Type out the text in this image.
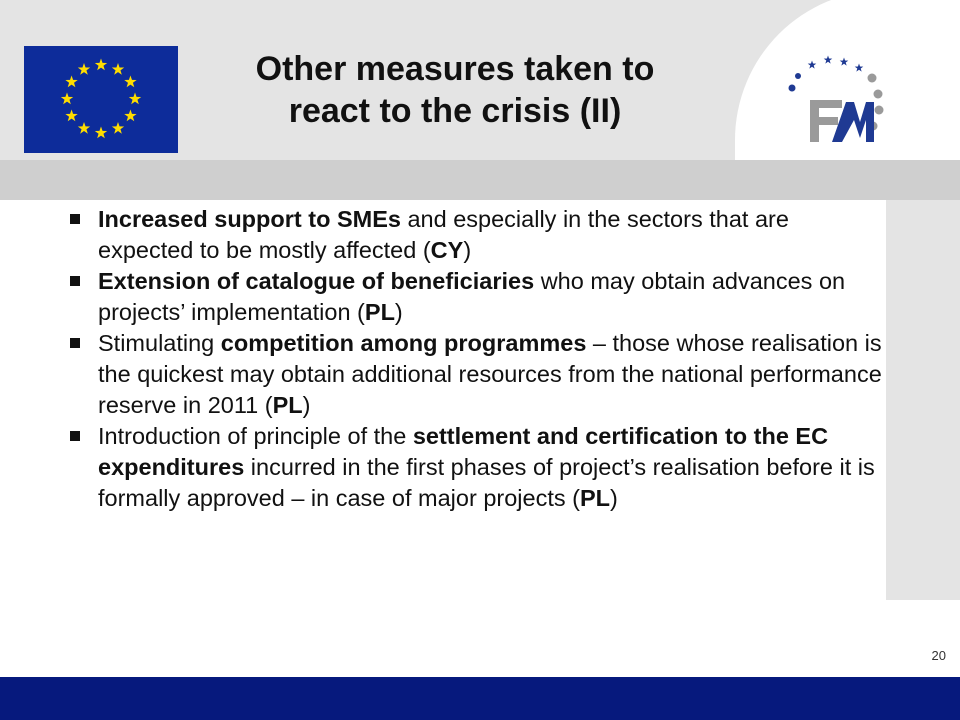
Other measures taken to
react to the crisis (II)
Increased support to SMEs and especially in the sectors that are expected to be mostly affected (CY)
Extension of catalogue of beneficiaries who may obtain advances on projects’ implementation (PL)
Stimulating competition among programmes – those whose realisation is the quickest may obtain additional resources from the national performance reserve in 2011 (PL)
Introduction of principle of the settlement and certification to the EC expenditures incurred in the first phases of project’s realisation before it is formally approved – in case of major projects (PL)
20
